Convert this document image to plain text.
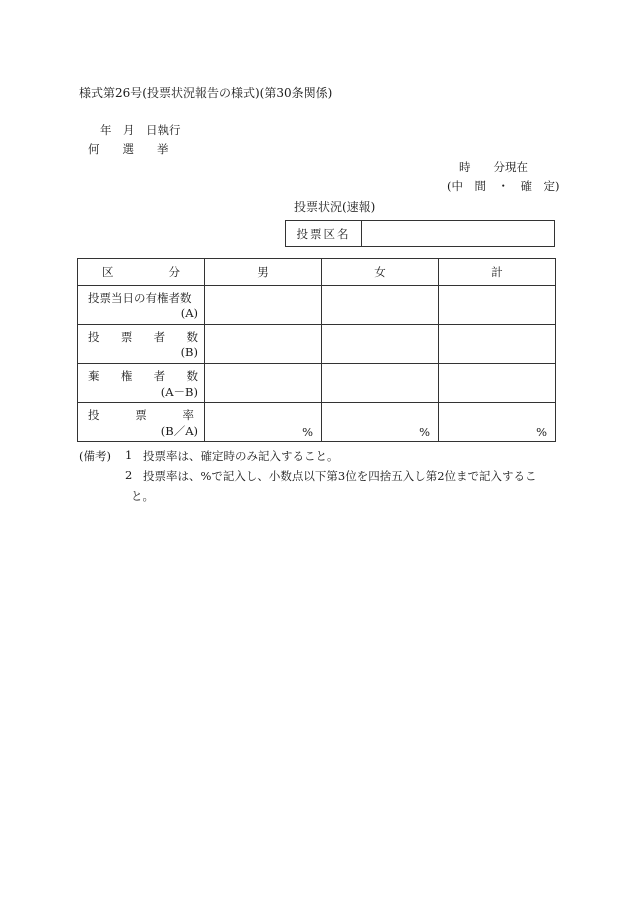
様式第26号(投票状況報告の様式)(第30条関係)
年　月　日執行
何　　選　　挙
時　　分現在
(中　間　・　確　定)
投票状況(速報)
投票区名
区 分	男	女	計

投票当日の有権者数
(A)			

投 票 者 数
(B)			

棄 権 者 数
(A－B)			

投 票 率
(B／A)	%	%	%
(備考) 1 投票率は、確定時のみ記入すること。
2 投票率は、%で記入し、小数点以下第3位を四捨五入し第2位まで記入するこ
と。
